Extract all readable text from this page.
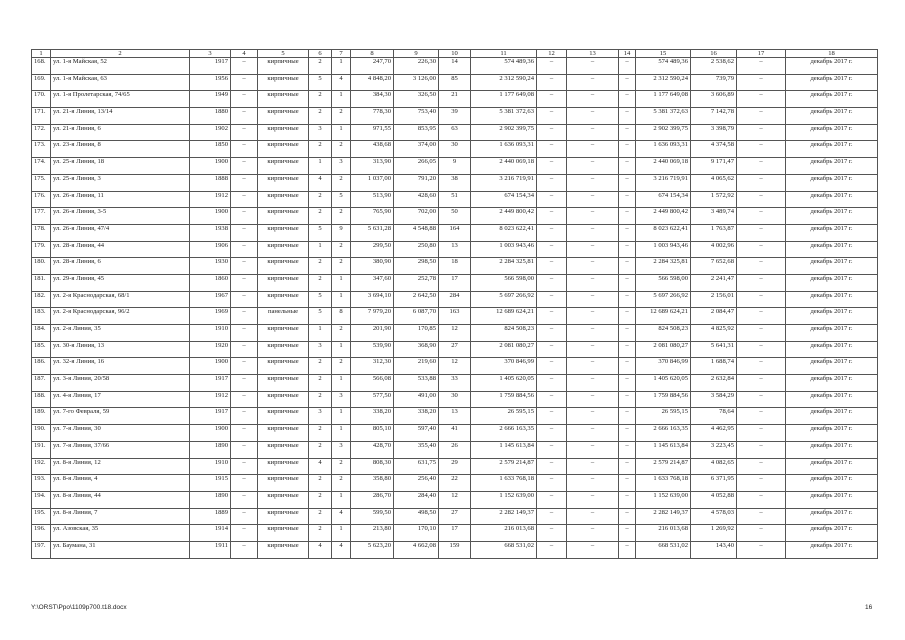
1	2	3	4	5	6	7	8	9	10	11	12	13	14	15	16	17	18
168.	ул. 1-я Майская, 52	1917	–	кирпичные	2	1	247,70	226,30	14	574 489,36	–	–	–	574 489,36	2 538,62	–	декабрь 2017 г.
169.	ул. 1-я Майская, 63	1956	–	кирпичные	5	4	4 848,20	3 126,00	85	2 312 590,24	–	–	–	2 312 590,24	739,79	–	декабрь 2017 г.
170.	ул. 1-я Пролетарская, 74/65	1949	–	кирпичные	2	1	384,30	326,50	21	1 177 649,08	–	–	–	1 177 649,08	3 606,89	–	декабрь 2017 г.
171.	ул. 21-я Линия, 13/14	1880	–	кирпичные	2	2	778,30	753,40	39	5 381 372,63	–	–	–	5 381 372,63	7 142,78	–	декабрь 2017 г.
172.	ул. 21-я Линия, 6	1902	–	кирпичные	3	1	971,55	853,95	63	2 902 399,75	–	–	–	2 902 399,75	3 398,79	–	декабрь 2017 г.
173.	ул. 23-я Линия, 8	1850	–	кирпичные	2	2	438,68	374,00	30	1 636 093,31	–	–	–	1 636 093,31	4 374,58	–	декабрь 2017 г.
174.	ул. 25-я Линия, 18	1900	–	кирпичные	1	3	313,90	266,05	9	2 440 069,18	–	–	–	2 440 069,18	9 171,47	–	декабрь 2017 г.
175.	ул. 25-я Линия, 3	1888	–	кирпичные	4	2	1 037,00	791,20	38	3 216 719,91	–	–	–	3 216 719,91	4 065,62	–	декабрь 2017 г.
176.	ул. 26-я Линия, 11	1912	–	кирпичные	2	5	513,90	428,60	51	674 154,34	–	–	–	674 154,34	1 572,92	–	декабрь 2017 г.
177.	ул. 26-я Линия, 3-5	1900	–	кирпичные	2	2	765,90	702,00	50	2 449 800,42	–	–	–	2 449 800,42	3 489,74	–	декабрь 2017 г.
178.	ул. 26-я Линия, 47/4	1938	–	кирпичные	5	9	5 631,28	4 548,88	164	8 023 622,41	–	–	–	8 023 622,41	1 763,87	–	декабрь 2017 г.
179.	ул. 28-я Линия, 44	1906	–	кирпичные	1	2	299,50	250,80	13	1 003 943,46	–	–	–	1 003 943,46	4 002,96	–	декабрь 2017 г.
180.	ул. 28-я Линия, 6	1930	–	кирпичные	2	2	380,90	298,50	18	2 284 325,81	–	–	–	2 284 325,81	7 652,68	–	декабрь 2017 г.
181.	ул. 29-я Линия, 45	1860	–	кирпичные	2	1	347,60	252,78	17	566 598,00	–	–	–	566 598,00	2 241,47	–	декабрь 2017 г.
182.	ул. 2-я Краснодарская, 68/1	1967	–	кирпичные	5	1	3 694,10	2 642,50	284	5 697 266,92	–	–	–	5 697 266,92	2 156,01	–	декабрь 2017 г.
183.	ул. 2-я Краснодарская, 96/2	1969	–	панельные	5	8	7 979,20	6 087,70	163	12 689 624,21	–	–	–	12 689 624,21	2 084,47	–	декабрь 2017 г.
184.	ул. 2-я Линия, 35	1910	–	кирпичные	1	2	201,90	170,85	12	824 508,23	–	–	–	824 508,23	4 825,92	–	декабрь 2017 г.
185.	ул. 30-я Линия, 13	1920	–	кирпичные	3	1	539,90	368,90	27	2 081 080,27	–	–	–	2 081 080,27	5 641,31	–	декабрь 2017 г.
186.	ул. 32-я Линия, 16	1900	–	кирпичные	2	2	312,30	219,60	12	370 846,99	–	–	–	370 846,99	1 688,74	–	декабрь 2017 г.
187.	ул. 3-я Линия, 20/58	1917	–	кирпичные	2	1	566,08	533,88	33	1 405 620,05	–	–	–	1 405 620,05	2 632,84	–	декабрь 2017 г.
188.	ул. 4-я Линия, 17	1912	–	кирпичные	2	3	577,50	491,00	30	1 759 884,56	–	–	–	1 759 884,56	3 584,29	–	декабрь 2017 г.
189.	ул. 7-го Февраля, 59	1917	–	кирпичные	3	1	338,20	338,20	13	26 595,15	–	–	–	26 595,15	78,64	–	декабрь 2017 г.
190.	ул. 7-я Линия, 30	1900	–	кирпичные	2	1	805,10	597,40	41	2 666 163,35	–	–	–	2 666 163,35	4 462,95	–	декабрь 2017 г.
191.	ул. 7-я Линия, 37/66	1890	–	кирпичные	2	3	428,70	355,40	26	1 145 613,84	–	–	–	1 145 613,84	3 223,45	–	декабрь 2017 г.
192.	ул. 8-я Линия, 12	1910	–	кирпичные	4	2	808,30	631,75	29	2 579 214,87	–	–	–	2 579 214,87	4 082,65	–	декабрь 2017 г.
193.	ул. 8-я Линия, 4	1915	–	кирпичные	2	2	358,80	256,40	22	1 633 768,18	–	–	–	1 633 768,18	6 371,95	–	декабрь 2017 г.
194.	ул. 8-я Линия, 44	1890	–	кирпичные	2	1	286,70	284,40	12	1 152 639,00	–	–	–	1 152 639,00	4 052,88	–	декабрь 2017 г.
195.	ул. 8-я Линия, 7	1889	–	кирпичные	2	4	599,50	498,50	27	2 282 149,37	–	–	–	2 282 149,37	4 578,03	–	декабрь 2017 г.
196.	ул. Азовская, 35	1914	–	кирпичные	2	1	213,80	170,10	17	216 013,68	–	–	–	216 013,68	1 269,92	–	декабрь 2017 г.
197.	ул. Баумана, 31	1911	–	кирпичные	4	4	5 623,20	4 662,08	159	668 531,02	–	–	–	668 531,02	143,40	–	декабрь 2017 г.
Y:\ORST\Ppo\1109p700.t18.docx	16
